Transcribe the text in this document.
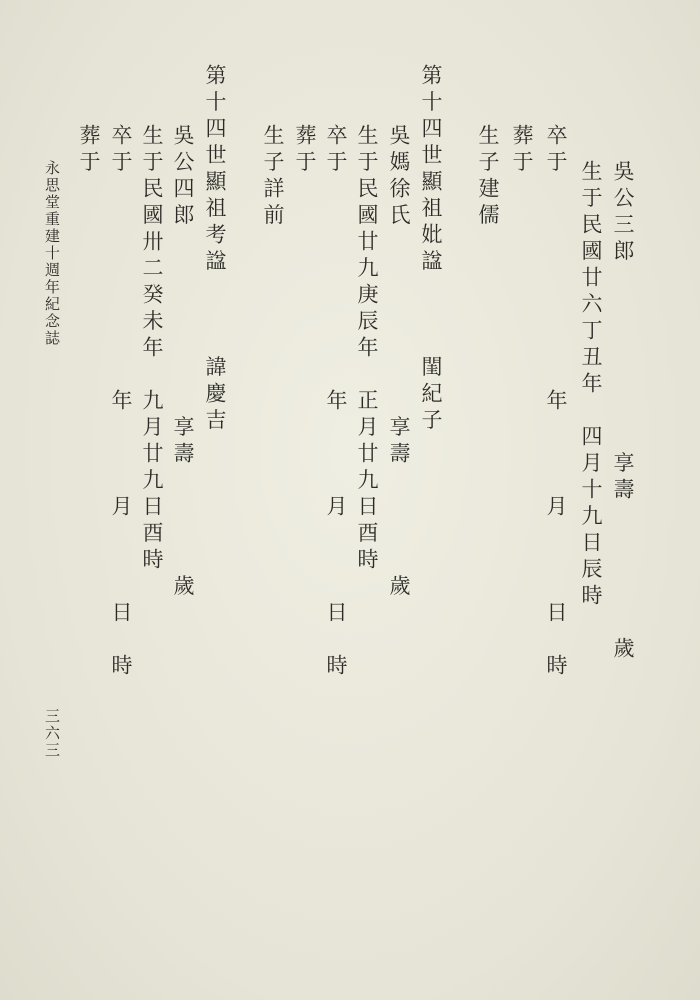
吳公三郎　　　　　　　享壽　　　　　歲
生于民國廿六丁丑年　四月十九日辰時
卒于　　　　　　　　年　　　月　　　日　時
葬于
生子建儒
第十四世顯祖妣諡　　　閨紀子
吳媽徐氏　　　　　　　享壽　　　　歲
生于民國廿九庚辰年　正月廿九日酉時
卒于　　　　　　　　年　　　月　　　日　時
葬于
生子詳前
第十四世顯祖考諡　　　諱慶吉
吳公四郎　　　　　　　享壽　　　　歲
生于民國卅二癸未年　九月廿九日酉時
卒于　　　　　　　　年　　　月　　　日　時
葬于
永思堂重建十週年紀念誌
三六三
